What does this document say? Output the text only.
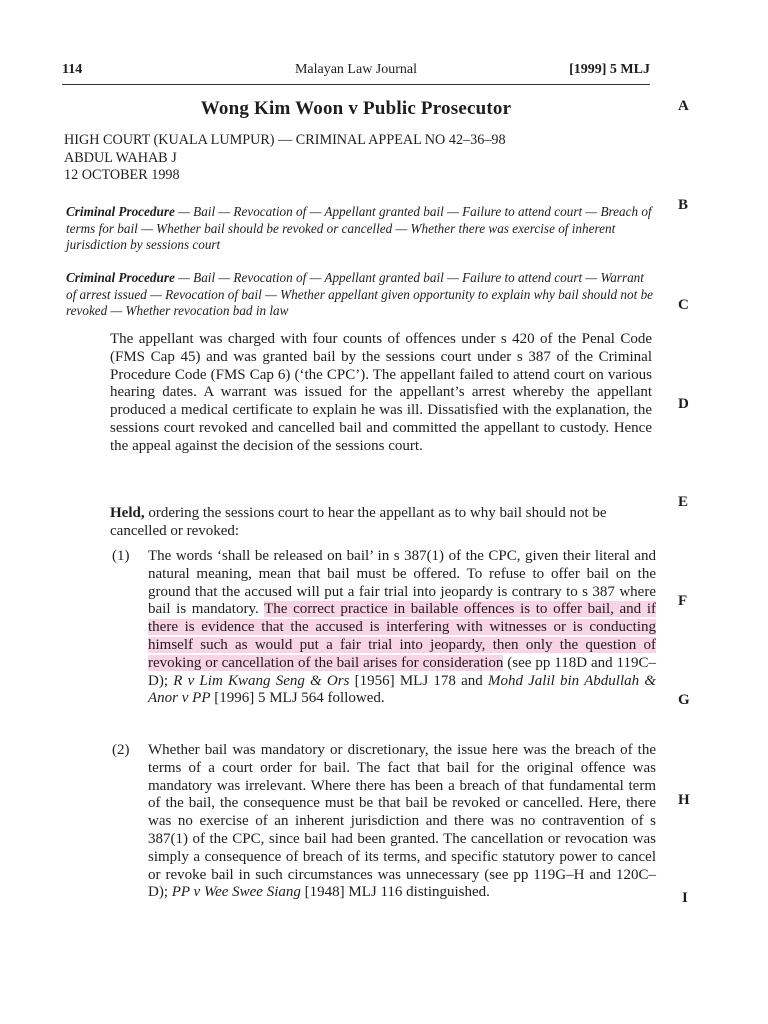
114	Malayan Law Journal	[1999] 5 MLJ
Wong Kim Woon v Public Prosecutor
HIGH COURT (KUALA LUMPUR) — CRIMINAL APPEAL NO 42–36–98
ABDUL WAHAB J
12 OCTOBER 1998
Criminal Procedure — Bail — Revocation of — Appellant granted bail — Failure to attend court — Breach of terms for bail — Whether bail should be revoked or cancelled — Whether there was exercise of inherent jurisdiction by sessions court
Criminal Procedure — Bail — Revocation of — Appellant granted bail — Failure to attend court — Warrant of arrest issued — Revocation of bail — Whether appellant given opportunity to explain why bail should not be revoked — Whether revocation bad in law
The appellant was charged with four counts of offences under s 420 of the Penal Code (FMS Cap 45) and was granted bail by the sessions court under s 387 of the Criminal Procedure Code (FMS Cap 6) (‘the CPC’). The appellant failed to attend court on various hearing dates. A warrant was issued for the appellant’s arrest whereby the appellant produced a medical certificate to explain he was ill. Dissatisfied with the explanation, the sessions court revoked and cancelled bail and committed the appellant to custody. Hence the appeal against the decision of the sessions court.
Held, ordering the sessions court to hear the appellant as to why bail should not be cancelled or revoked:
(1) The words ‘shall be released on bail’ in s 387(1) of the CPC, given their literal and natural meaning, mean that bail must be offered. To refuse to offer bail on the ground that the accused will put a fair trial into jeopardy is contrary to s 387 where bail is mandatory. The correct practice in bailable offences is to offer bail, and if there is evidence that the accused is interfering with witnesses or is conducting himself such as would put a fair trial into jeopardy, then only the question of revoking or cancellation of the bail arises for consideration (see pp 118D and 119C–D); R v Lim Kwang Seng & Ors [1956] MLJ 178 and Mohd Jalil bin Abdullah & Anor v PP [1996] 5 MLJ 564 followed.
(2) Whether bail was mandatory or discretionary, the issue here was the breach of the terms of a court order for bail. The fact that bail for the original offence was mandatory was irrelevant. Where there has been a breach of that fundamental term of the bail, the consequence must be that bail be revoked or cancelled. Here, there was no exercise of an inherent jurisdiction and there was no contravention of s 387(1) of the CPC, since bail had been granted. The cancellation or revocation was simply a consequence of breach of its terms, and specific statutory power to cancel or revoke bail in such circumstances was unnecessary (see pp 119G–H and 120C–D); PP v Wee Swee Siang [1948] MLJ 116 distinguished.
A
B
C
D
E
F
G
H
I
